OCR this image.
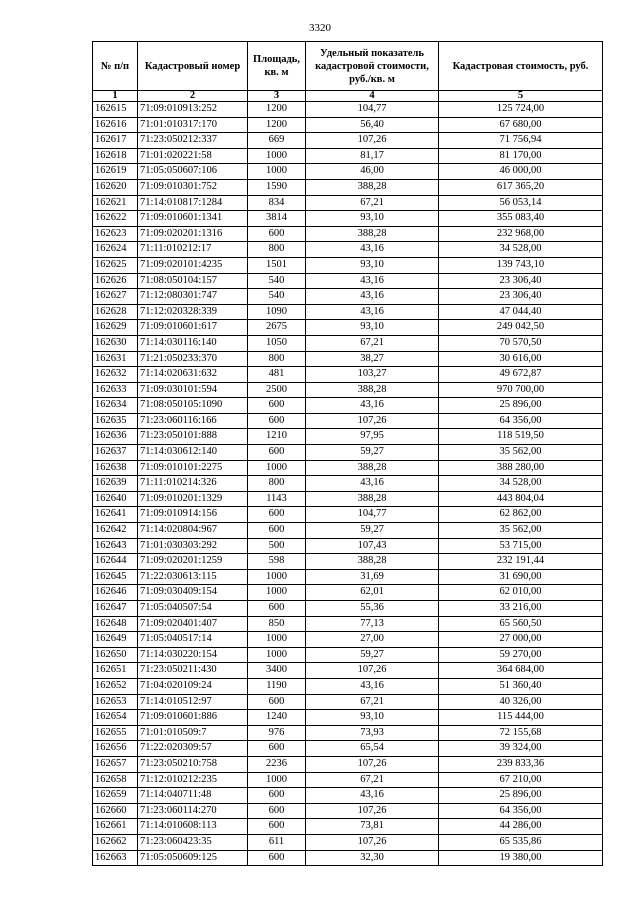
3320
№ п/п	Кадастровый номер	Площадь, кв. м	Удельный показатель кадастровой стоимости, руб./кв. м	Кадастровая стоимость, руб.
1	2	3	4	5
162615	71:09:010913:252	1200	104,77	125 724,00
162616	71:01:010317:170	1200	56,40	67 680,00
162617	71:23:050212:337	669	107,26	71 756,94
162618	71:01:020221:58	1000	81,17	81 170,00
162619	71:05:050607:106	1000	46,00	46 000,00
162620	71:09:010301:752	1590	388,28	617 365,20
162621	71:14:010817:1284	834	67,21	56 053,14
162622	71:09:010601:1341	3814	93,10	355 083,40
162623	71:09:020201:1316	600	388,28	232 968,00
162624	71:11:010212:17	800	43,16	34 528,00
162625	71:09:020101:4235	1501	93,10	139 743,10
162626	71:08:050104:157	540	43,16	23 306,40
162627	71:12:080301:747	540	43,16	23 306,40
162628	71:12:020328:339	1090	43,16	47 044,40
162629	71:09:010601:617	2675	93,10	249 042,50
162630	71:14:030116:140	1050	67,21	70 570,50
162631	71:21:050233:370	800	38,27	30 616,00
162632	71:14:020631:632	481	103,27	49 672,87
162633	71:09:030101:594	2500	388,28	970 700,00
162634	71:08:050105:1090	600	43,16	25 896,00
162635	71:23:060116:166	600	107,26	64 356,00
162636	71:23:050101:888	1210	97,95	118 519,50
162637	71:14:030612:140	600	59,27	35 562,00
162638	71:09:010101:2275	1000	388,28	388 280,00
162639	71:11:010214:326	800	43,16	34 528,00
162640	71:09:010201:1329	1143	388,28	443 804,04
162641	71:09:010914:156	600	104,77	62 862,00
162642	71:14:020804:967	600	59,27	35 562,00
162643	71:01:030303:292	500	107,43	53 715,00
162644	71:09:020201:1259	598	388,28	232 191,44
162645	71:22:030613:115	1000	31,69	31 690,00
162646	71:09:030409:154	1000	62,01	62 010,00
162647	71:05:040507:54	600	55,36	33 216,00
162648	71:09:020401:407	850	77,13	65 560,50
162649	71:05:040517:14	1000	27,00	27 000,00
162650	71:14:030220:154	1000	59,27	59 270,00
162651	71:23:050211:430	3400	107,26	364 684,00
162652	71:04:020109:24	1190	43,16	51 360,40
162653	71:14:010512:97	600	67,21	40 326,00
162654	71:09:010601:886	1240	93,10	115 444,00
162655	71:01:010509:7	976	73,93	72 155,68
162656	71:22:020309:57	600	65,54	39 324,00
162657	71:23:050210:758	2236	107,26	239 833,36
162658	71:12:010212:235	1000	67,21	67 210,00
162659	71:14:040711:48	600	43,16	25 896,00
162660	71:23:060114:270	600	107,26	64 356,00
162661	71:14:010608:113	600	73,81	44 286,00
162662	71:23:060423:35	611	107,26	65 535,86
162663	71:05:050609:125	600	32,30	19 380,00
